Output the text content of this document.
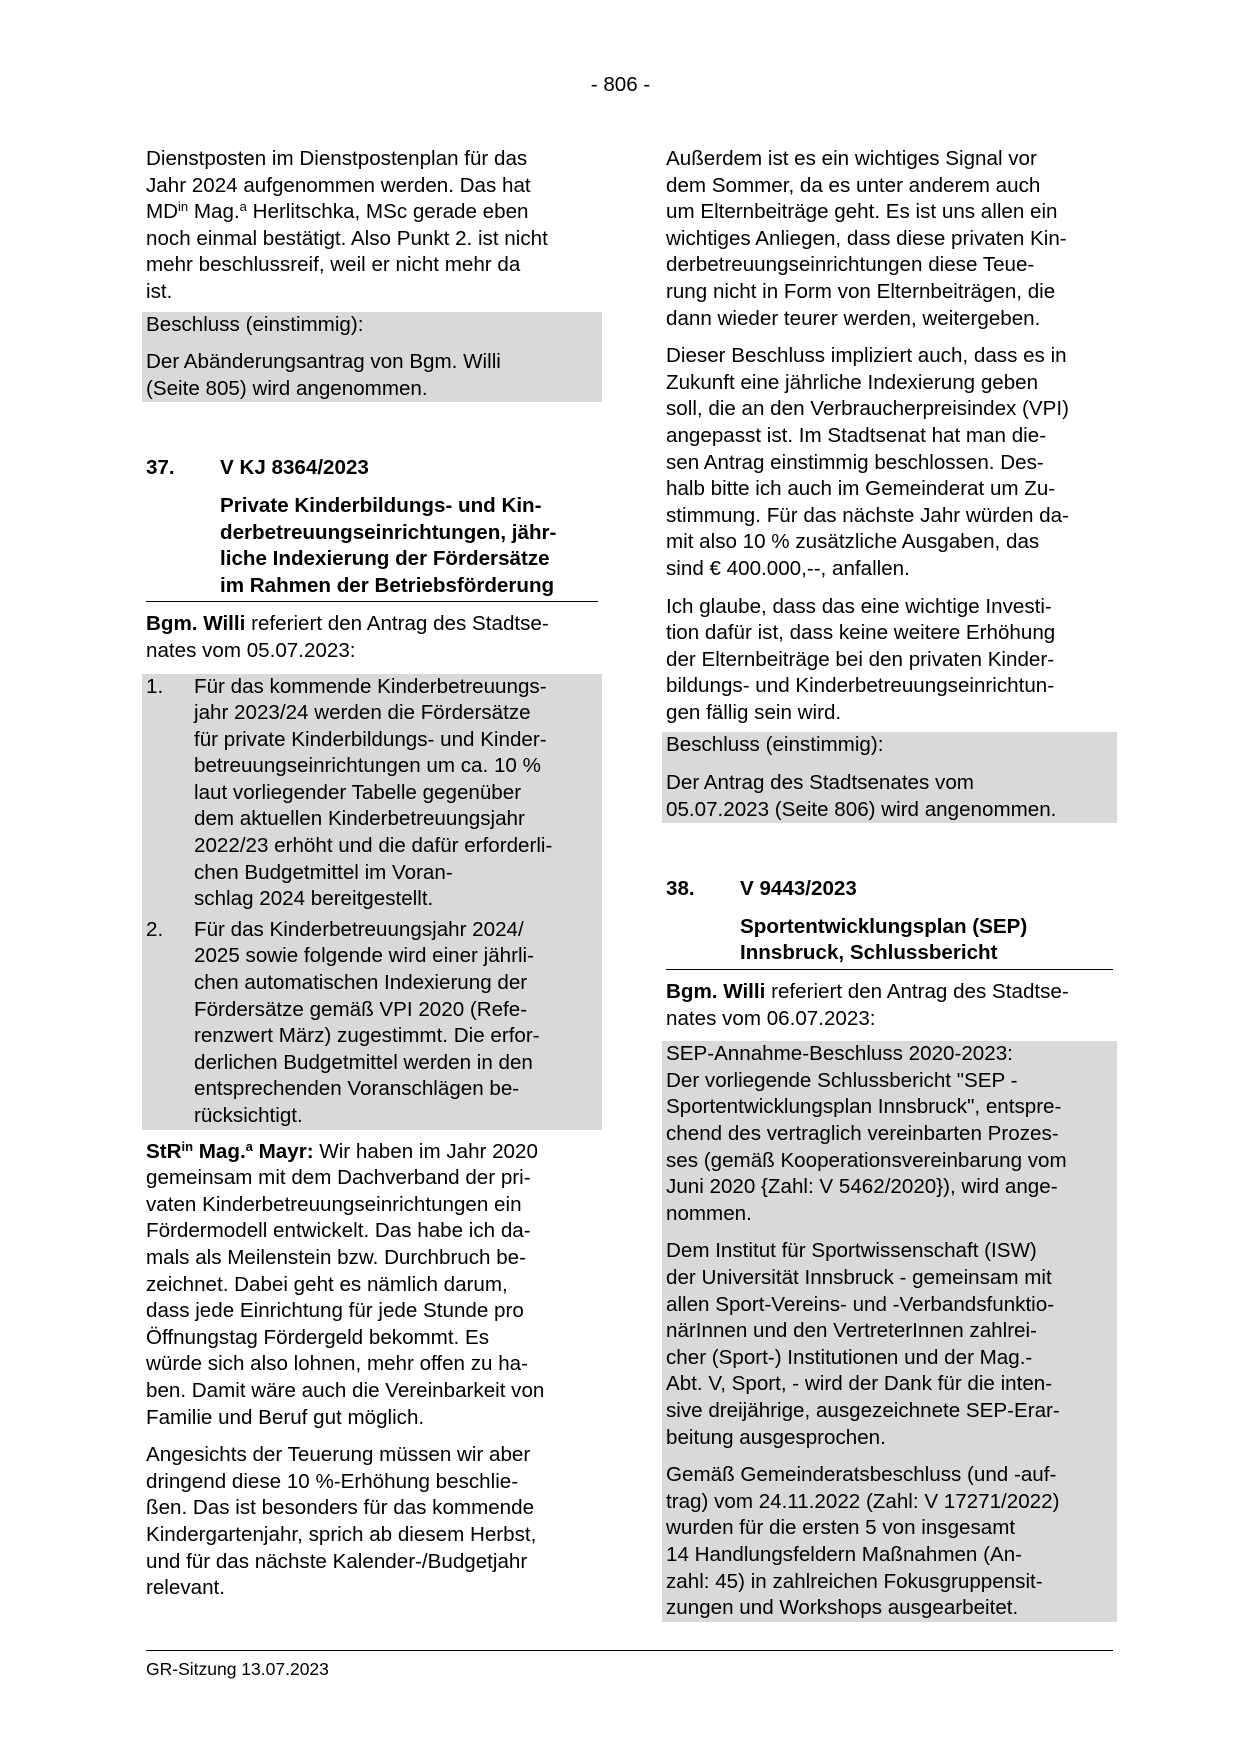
- 806 -

Dienstposten im Dienstpostenplan für das
Jahr 2024 aufgenommen werden. Das hat
$MD^{in}$ Mag.$^a$ Herlitschka, MSc gerade eben
noch einmal bestätigt. Also Punkt 2. ist nicht
mehr beschlussreif, weil er nicht mehr da
ist.

Beschluss (einstimmig):

Der Abänderungsantrag von Bgm. Willi
(Seite 805) wird angenommen.

37.	V KJ 8364/2023
Private Kinderbildungs- und Kin-
derbetreuungseinrichtungen, jähr-
liche Indexierung der Fördersätze
im Rahmen der Betriebsförderung

Bgm. Willi referiert den Antrag des Stadtse-
nates vom 05.07.2023:

1.	Für das kommende Kinderbetreuungs-
jahr 2023/24 werden die Fördersätze
für private Kinderbildungs- und Kinder-
betreuungseinrichtungen um ca. 10 %
laut vorliegender Tabelle gegenüber
dem aktuellen Kinderbetreuungsjahr
2022/23 erhöht und die dafür erforderli-
chen Budgetmittel im Voran-
schlag 2024 bereitgestellt.
2.	Für das Kinderbetreuungsjahr 2024/
2025 sowie folgende wird einer jährli-
chen automatischen Indexierung der
Fördersätze gemäß VPI 2020 (Refe-
renzwert März) zugestimmt. Die erfor-
derlichen Budgetmittel werden in den
entsprechenden Voranschlägen be-
rücksichtigt.

StR$^{in}$ Mag.$^a$ Mayr: Wir haben im Jahr 2020
gemeinsam mit dem Dachverband der pri-
vaten Kinderbetreuungseinrichtungen ein
Fördermodell entwickelt. Das habe ich da-
mals als Meilenstein bzw. Durchbruch be-
zeichnet. Dabei geht es nämlich darum,
dass jede Einrichtung für jede Stunde pro
Öffnungstag Fördergeld bekommt. Es
würde sich also lohnen, mehr offen zu ha-
ben. Damit wäre auch die Vereinbarkeit von
Familie und Beruf gut möglich.

Angesichts der Teuerung müssen wir aber
dringend diese 10 %-Erhöhung beschlie-
ßen. Das ist besonders für das kommende
Kindergartenjahr, sprich ab diesem Herbst,
und für das nächste Kalender-/Budgetjahr
relevant.

Außerdem ist es ein wichtiges Signal vor
dem Sommer, da es unter anderem auch
um Elternbeiträge geht. Es ist uns allen ein
wichtiges Anliegen, dass diese privaten Kin-
derbetreuungseinrichtungen diese Teue-
rung nicht in Form von Elternbeiträgen, die
dann wieder teurer werden, weitergeben.

Dieser Beschluss impliziert auch, dass es in
Zukunft eine jährliche Indexierung geben
soll, die an den Verbraucherpreisindex (VPI)
angepasst ist. Im Stadtsenat hat man die-
sen Antrag einstimmig beschlossen. Des-
halb bitte ich auch im Gemeinderat um Zu-
stimmung. Für das nächste Jahr würden da-
mit also 10 % zusätzliche Ausgaben, das
sind € 400.000,--, anfallen.

Ich glaube, dass das eine wichtige Investi-
tion dafür ist, dass keine weitere Erhöhung
der Elternbeiträge bei den privaten Kinder-
bildungs- und Kinderbetreuungseinrichtun-
gen fällig sein wird.

Beschluss (einstimmig):

Der Antrag des Stadtsenates vom
05.07.2023 (Seite 806) wird angenommen.

38.	V 9443/2023
Sportentwicklungsplan (SEP)
Innsbruck, Schlussbericht

Bgm. Willi referiert den Antrag des Stadtse-
nates vom 06.07.2023:

SEP-Annahme-Beschluss 2020-2023:
Der vorliegende Schlussbericht "SEP -
Sportentwicklungsplan Innsbruck", entspre-
chend des vertraglich vereinbarten Prozes-
ses (gemäß Kooperationsvereinbarung vom
Juni 2020 {Zahl: V 5462/2020}), wird ange-
nommen.

Dem Institut für Sportwissenschaft (ISW)
der Universität Innsbruck - gemeinsam mit
allen Sport-Vereins- und -Verbandsfunktio-
närInnen und den VertreterInnen zahlrei-
cher (Sport-) Institutionen und der Mag.-
Abt. V, Sport, - wird der Dank für die inten-
sive dreijährige, ausgezeichnete SEP-Erar-
beitung ausgesprochen.

Gemäß Gemeinderatsbeschluss (und -auf-
trag) vom 24.11.2022 (Zahl: V 17271/2022)
wurden für die ersten 5 von insgesamt
14 Handlungsfeldern Maßnahmen (An-
zahl: 45) in zahlreichen Fokusgruppensit-
zungen und Workshops ausgearbeitet.

GR-Sitzung 13.07.2023
